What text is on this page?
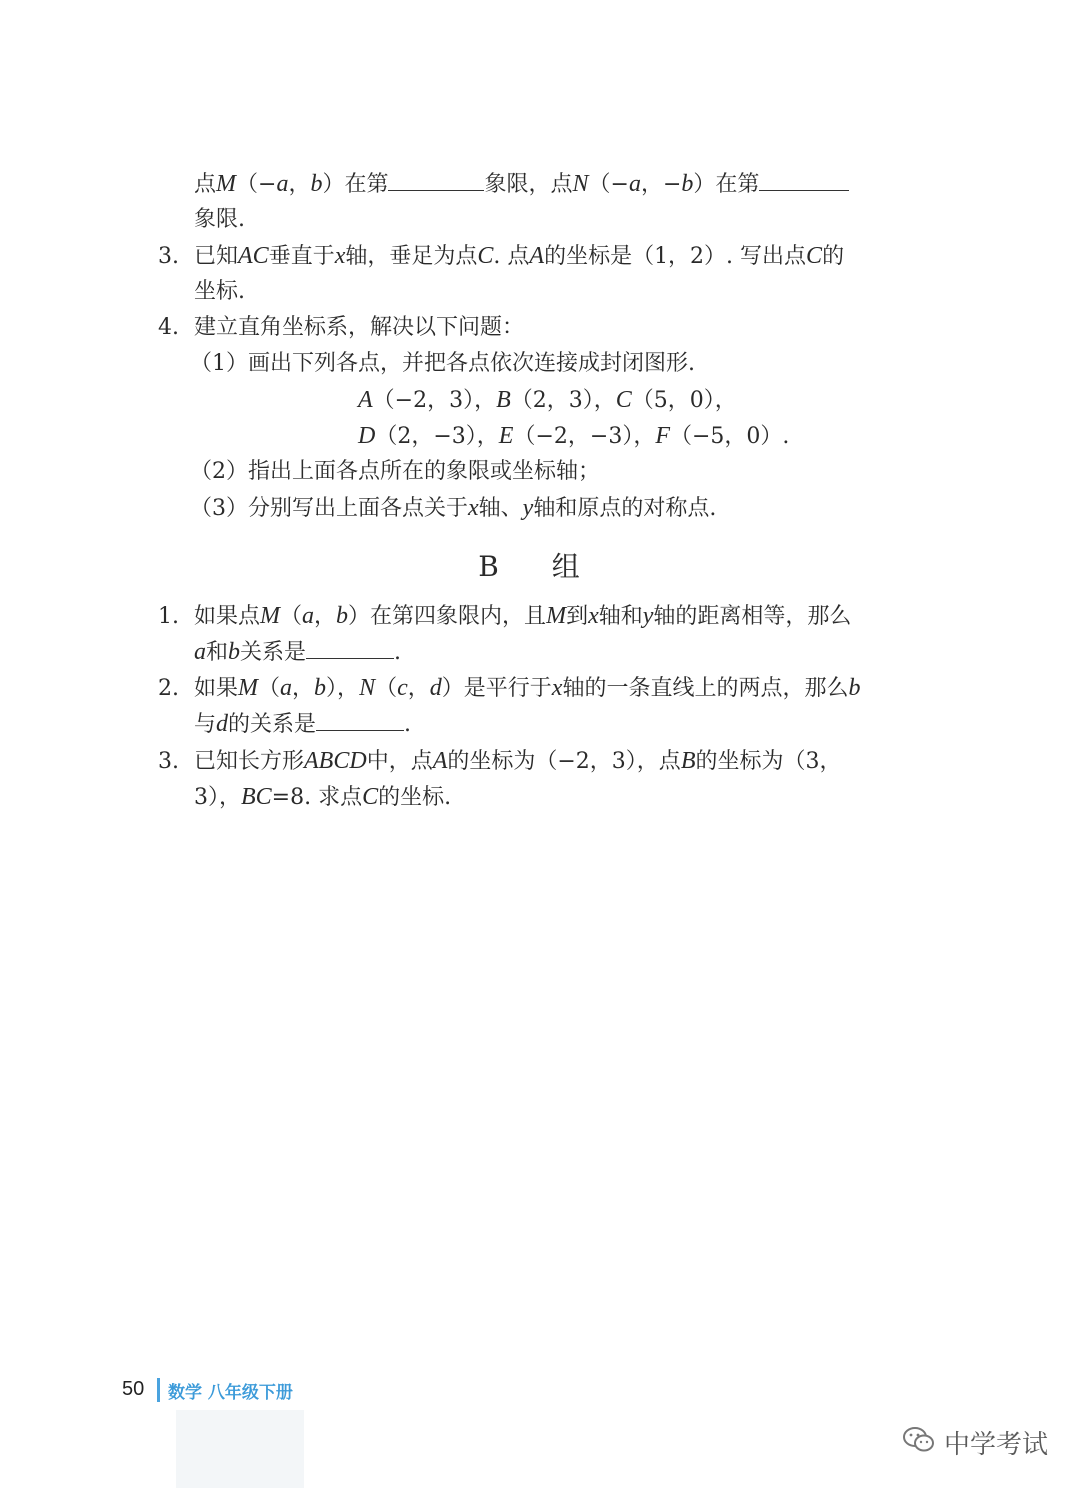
点M（−a，b）在第	象限，点N（−a，−b）在第
象限.
3. 已知AC垂直于x轴，垂足为点C. 点A的坐标是（1，2）. 写出点C的
坐标.
4. 建立直角坐标系，解决以下问题：
（1）画出下列各点，并把各点依次连接成封闭图形.
A（−2，3），B（2，3），C（5，0），
D（2，−3），E（−2，−3），F（−5，0）.
（2）指出上面各点所在的象限或坐标轴；
（3）分别写出上面各点关于x轴、y轴和原点的对称点.
B 组
1. 如果点M（a，b）在第四象限内，且M到x轴和y轴的距离相等，那么
a和b关系是	.
2. 如果M（a，b），N（c，d）是平行于x轴的一条直线上的两点，那么b
与d的关系是	.
3. 已知长方形ABCD中，点A的坐标为（−2，3），点B的坐标为（3，
3），BC=8. 求点C的坐标.
50 数学 八年级下册
中学考试
